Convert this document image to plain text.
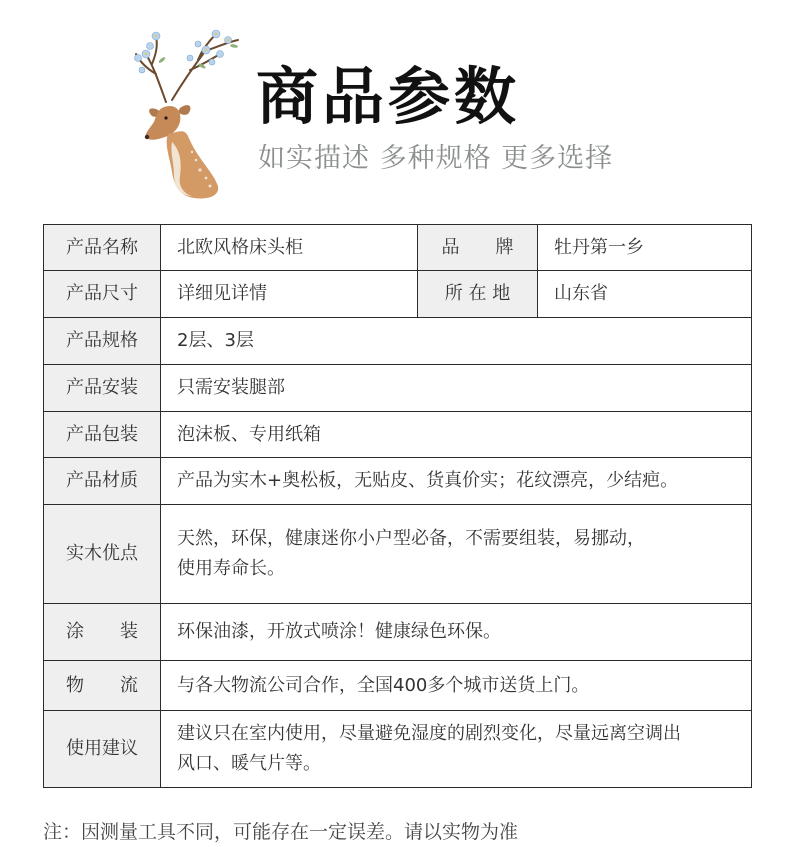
商品参数
如实描述 多种规格 更多选择
产品名称	北欧风格床头柜	品　　牌	牡丹第一乡
产品尺寸	详细见详情	所 在 地	山东省
产品规格	2层、3层		
产品安装	只需安装腿部		
产品包装	泡沫板、专用纸箱		
产品材质	产品为实木+奥松板，无贴皮、货真价实；花纹漂亮，少结疤。		
实木优点	天然，环保，健康迷你小户型必备，不需要组装，易挪动，
使用寿命长。		

涂　　装	环保油漆，开放式喷涂！健康绿色环保。		
物　　流	与各大物流公司合作，全国400多个城市送货上门。		
使用建议	建议只在室内使用，尽量避免湿度的剧烈变化，尽量远离空调出
风口、暖气片等。		
注：因测量工具不同，可能存在一定误差。请以实物为准
